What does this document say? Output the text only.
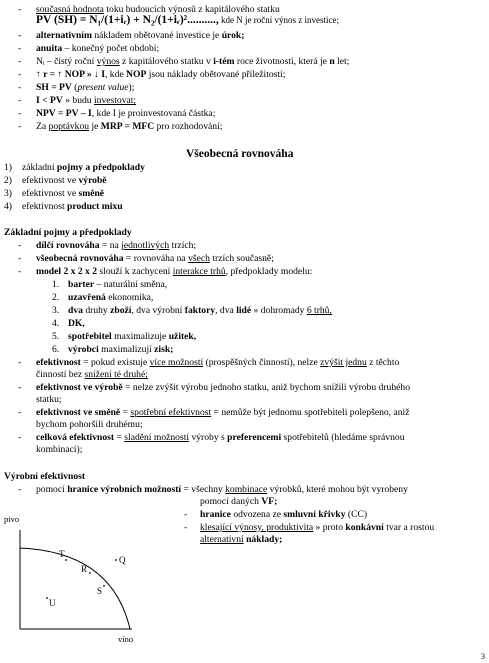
- současná hodnota toku budoucích výnosů z kapitálového statku
PV (SH) = N₁/(1+iᵣ) + N₂/(1+iᵣ)².........., kde N je roční výnos z investice;
- alternativním nákladem obětované investice je úrok;
- anuita – konečný počet období;
- Nᵢ – čistý roční výnos z kapitálového statku v i-tém roce životnosti, která je n let;
- ↑ r = ↑ NOP » ↓ I, kde NOP jsou náklady obětované příležitosti;
- SH = PV (present value);
- I < PV » budu investovat;
- NPV = PV – I, kde I je proinvestovaná částka;
- Za poptávkou je MRP = MFC pro rozhodování;
Všeobecná rovnováha
1) základní pojmy a předpoklady
2) efektivnost ve výrobě
3) efektivnost ve směně
4) efektivnost product mixu
Základní pojmy a předpoklady
- dílčí rovnováha = na jednotlivých trzích;
- všeobecná rovnováha = rovnováha na všech trzích současně;
- model 2 x 2 x 2 slouží k zachycení interakce trhů, předpoklady modelu:
1. barter – naturální směna,
2. uzavřená ekonomika,
3. dva druhy zboží, dva výrobní faktory, dva lidé » dohromady 6 trhů,
4. DK,
5. spotřebitel maximalizuje užitek,
6. výrobci maximalizují zisk;
- efektivnost = pokud existuje více možností (prospěšných činností), nelze zvýšit jednu z těchto
činností bez snížení té druhé;
- efektivnost ve výrobě = nelze zvýšit výrobu jednoho statku, aniž bychom snížili výrobu druhého
statku;
- efektivnost ve směně = spotřební efektivnost = nemůže být jednomu spotřebiteli polepšeno, aniž
bychom pohoršili druhému;
- celková efektivnost = sladění možností výroby s preferencemi spotřebitelů (hledáme správnou
kombinaci);
Výrobní efektivnost
- pomocí hranice výrobních možností = všechny kombinace výrobků, které mohou být vyrobeny
pomocí daných VF;
- hranice odvozena ze smluvní křivky (CC)
- klesající výnosy, produktivita » proto konkávní tvar a rostou
alternativní náklady;
pivo
T
R
Q
S
U
víno
3
